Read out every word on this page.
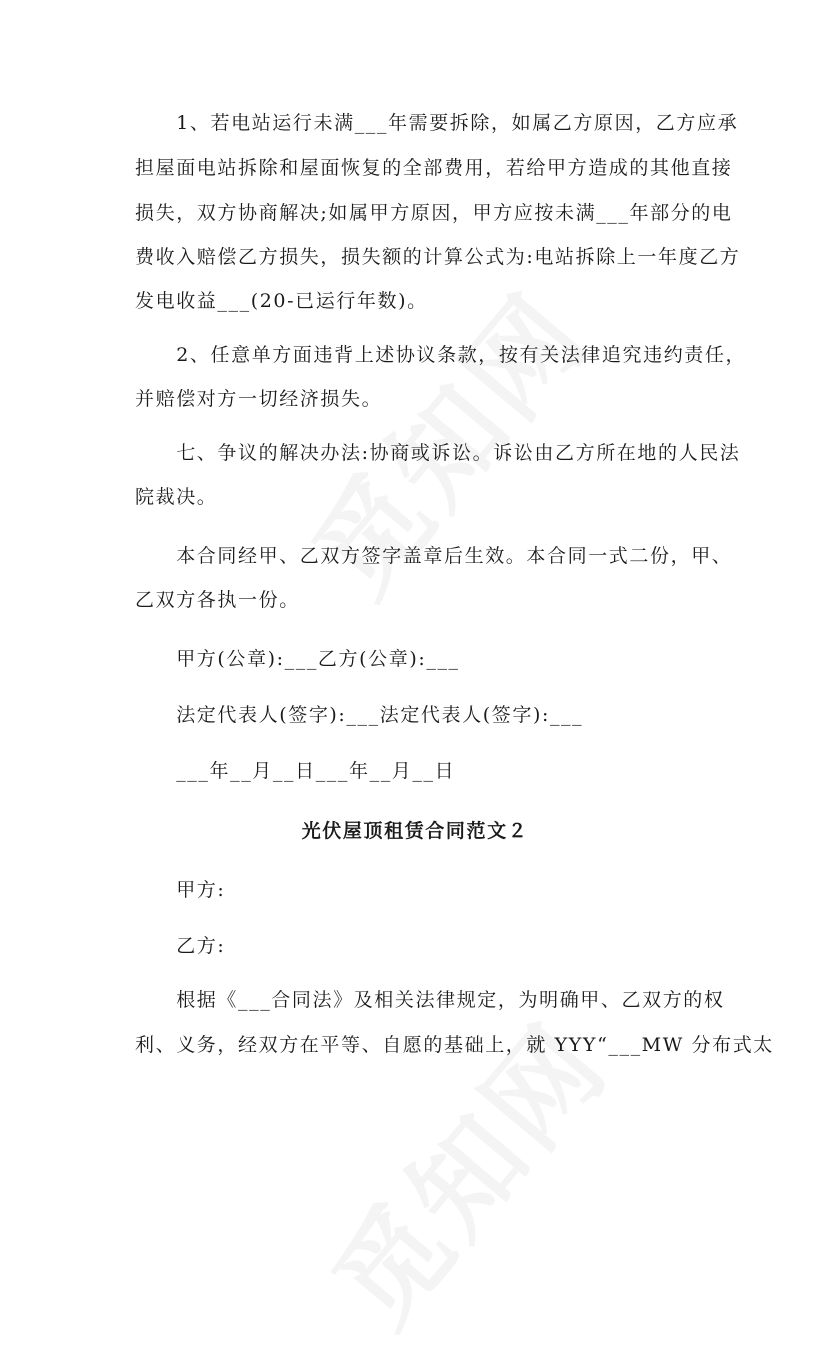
　　1、若电站运行未满___年需要拆除，如属乙方原因，乙方应承
担屋面电站拆除和屋面恢复的全部费用，若给甲方造成的其他直接
损失，双方协商解决;如属甲方原因，甲方应按未满___年部分的电
费收入赔偿乙方损失，损失额的计算公式为:电站拆除上一年度乙方
发电收益___(20-已运行年数)。
　　2、任意单方面违背上述协议条款，按有关法律追究违约责任，
并赔偿对方一切经济损失。
　　七、争议的解决办法:协商或诉讼。诉讼由乙方所在地的人民法
院裁决。
　　本合同经甲、乙双方签字盖章后生效。本合同一式二份，甲、
乙双方各执一份。
　　甲方(公章):___乙方(公章):___
　　法定代表人(签字):___法定代表人(签字):___
　　___年__月__日___年__月__日
光伏屋顶租赁合同范文２
　　甲方:
　　乙方:
　　根据《___合同法》及相关法律规定，为明确甲、乙双方的权
利、义务，经双方在平等、自愿的基础上，就 YYY“___MW 分布式太
